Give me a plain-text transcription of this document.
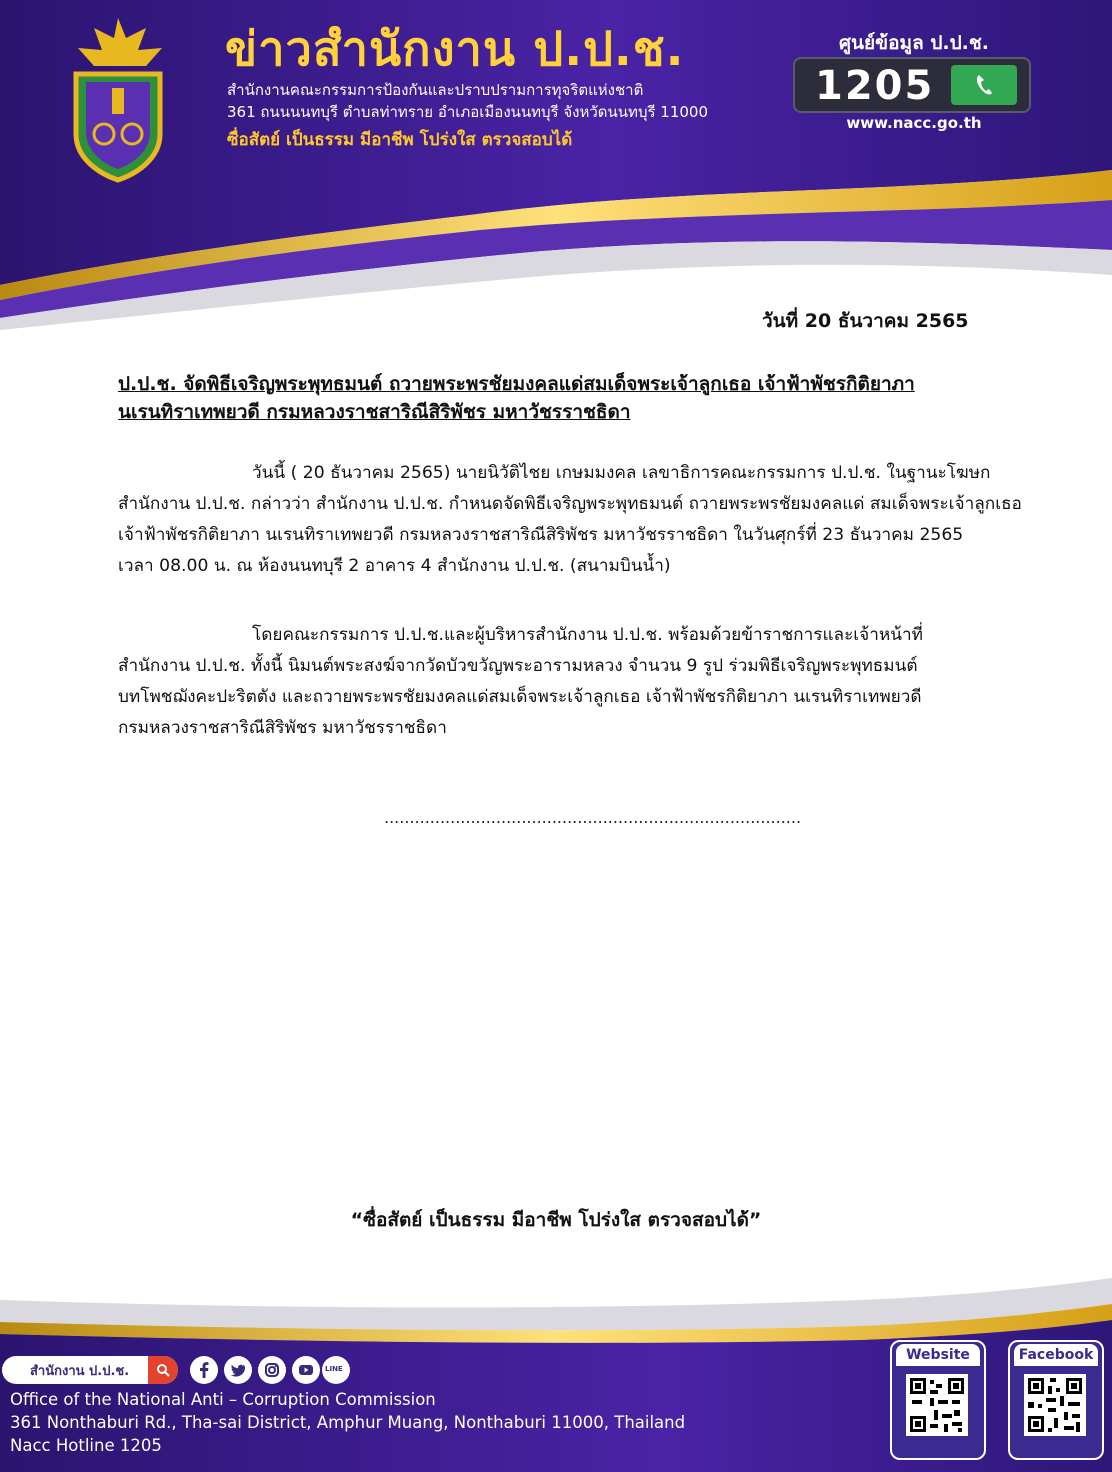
ข่าวสำนักงาน ป.ป.ช.
สำนักงานคณะกรรมการป้องกันและปราบปรามการทุจริตแห่งชาติ
361 ถนนนนทบุรี ตำบลท่าทราย อำเภอเมืองนนทบุรี จังหวัดนนทบุรี 11000
ซื่อสัตย์ เป็นธรรม มีอาชีพ โปร่งใส ตรวจสอบได้
ศูนย์ข้อมูล ป.ป.ช.
1205
www.nacc.go.th
วันที่ 20 ธันวาคม 2565
ป.ป.ช. จัดพิธีเจริญพระพุทธมนต์ ถวายพระพรชัยมงคลแด่สมเด็จพระเจ้าลูกเธอ เจ้าฟ้าพัชรกิติยาภา
นเรนทิราเทพยวดี กรมหลวงราชสาริณีสิริพัชร มหาวัชรราชธิดา
วันนี้ ( 20 ธันวาคม 2565) นายนิวัติไชย เกษมมงคล เลขาธิการคณะกรรมการ ป.ป.ช. ในฐานะโฆษก
สำนักงาน ป.ป.ช. กล่าวว่า สำนักงาน ป.ป.ช. กำหนดจัดพิธีเจริญพระพุทธมนต์ ถวายพระพรชัยมงคลแด่ สมเด็จพระเจ้าลูกเธอ
เจ้าฟ้าพัชรกิติยาภา นเรนทิราเทพยวดี กรมหลวงราชสาริณีสิริพัชร มหาวัชรราชธิดา ในวันศุกร์ที่ 23 ธันวาคม 2565
เวลา 08.00 น. ณ ห้องนนทบุรี 2 อาคาร 4 สำนักงาน ป.ป.ช. (สนามบินน้ำ)
โดยคณะกรรมการ ป.ป.ช.และผู้บริหารสำนักงาน ป.ป.ช. พร้อมด้วยข้าราชการและเจ้าหน้าที่
สำนักงาน ป.ป.ช. ทั้งนี้ นิมนต์พระสงฆ์จากวัดบัวขวัญพระอารามหลวง จำนวน 9 รูป ร่วมพิธีเจริญพระพุทธมนต์
บทโพชฌังคะปะริตตัง และถวายพระพรชัยมงคลแด่สมเด็จพระเจ้าลูกเธอ เจ้าฟ้าพัชรกิติยาภา นเรนทิราเทพยวดี
กรมหลวงราชสาริณีสิริพัชร มหาวัชรราชธิดา
..................................................................................
“ซื่อสัตย์ เป็นธรรม มีอาชีพ โปร่งใส ตรวจสอบได้”
สำนักงาน ป.ป.ช.	LINE
Office of the National Anti – Corruption Commission
361 Nonthaburi Rd., Tha-sai District, Amphur Muang, Nonthaburi 11000, Thailand
Nacc Hotline 1205
Website	Facebook
